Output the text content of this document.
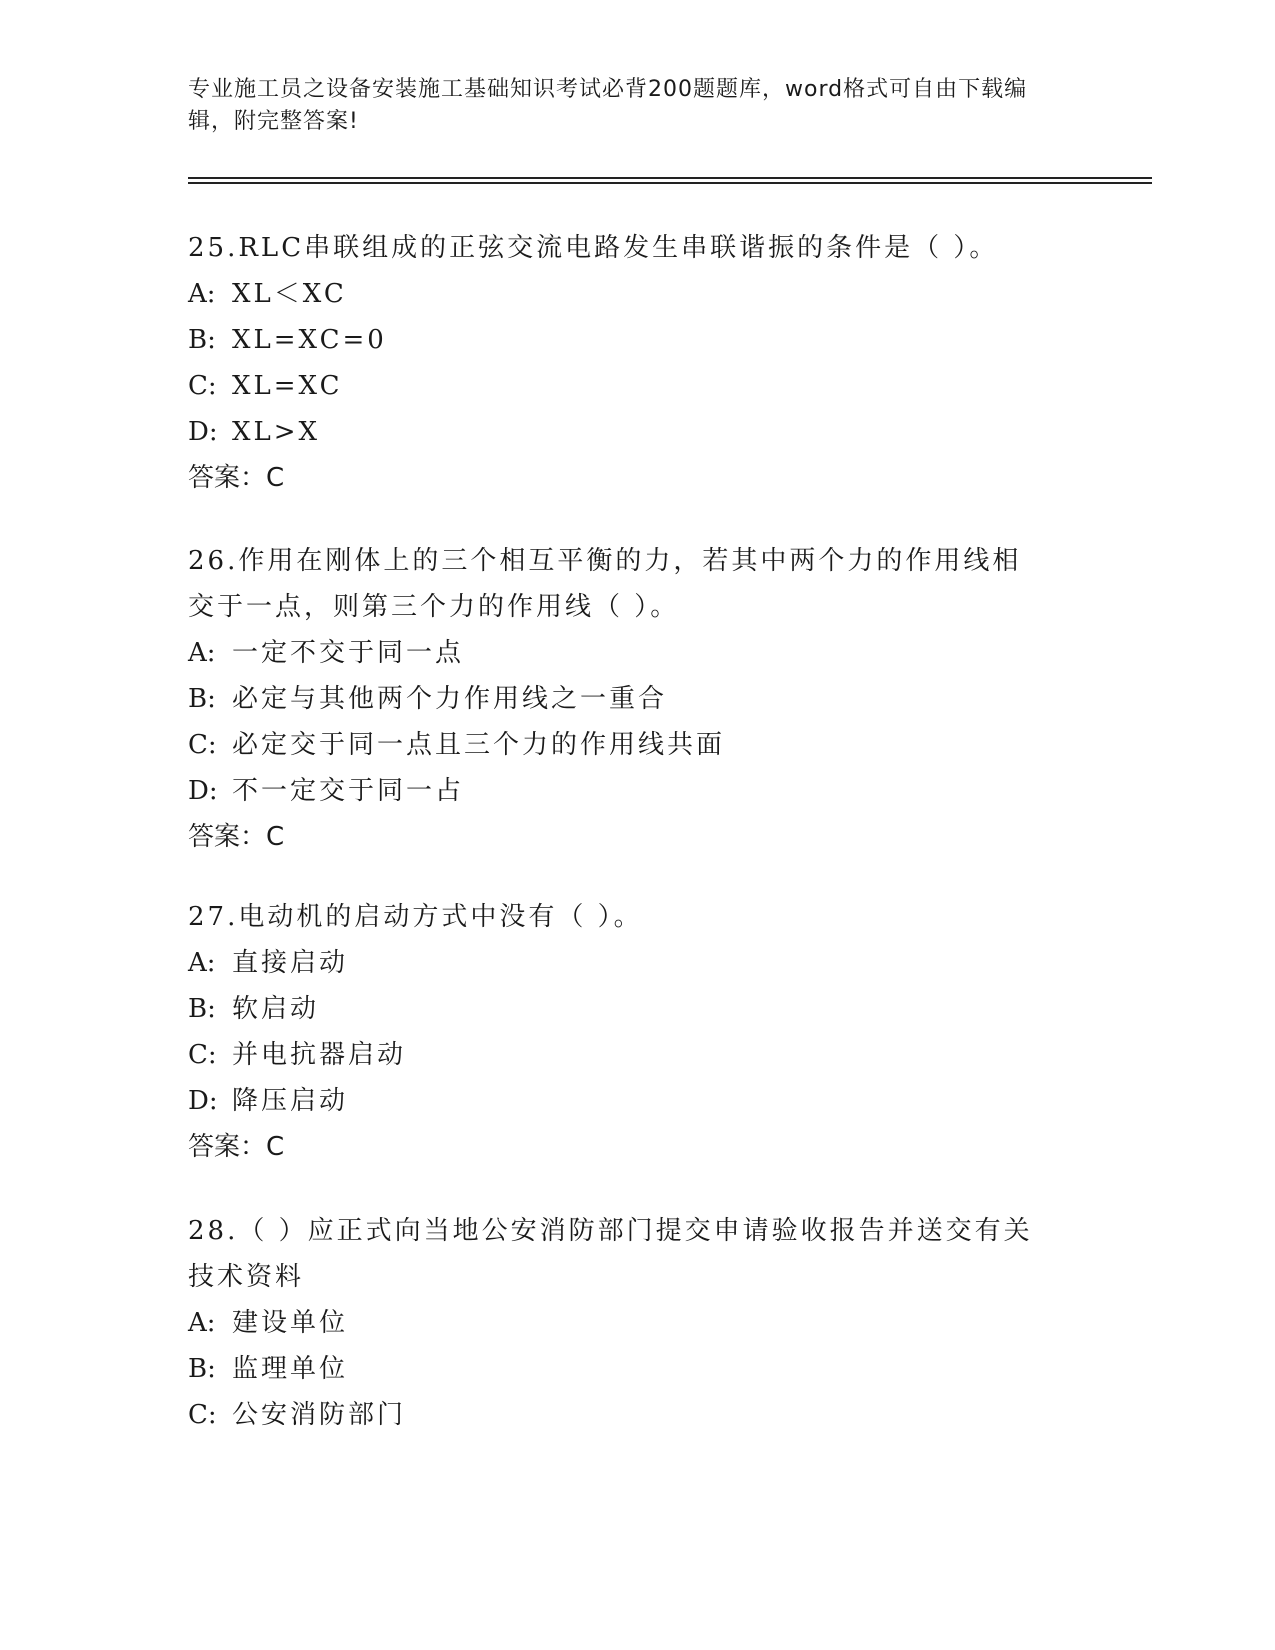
专业施工员之设备安装施工基础知识考试必背200题题库，word格式可自由下载编辑，附完整答案!

25.RLC串联组成的正弦交流电路发生串联谐振的条件是（ ）。

A: XL＜XC

B: XL=XC=0

C: XL=XC

D: XL>X

答案：C

26.作用在刚体上的三个相互平衡的力，若其中两个力的作用线相交于一点，则第三个力的作用线（ ）。

A: 一定不交于同一点

B: 必定与其他两个力作用线之一重合

C: 必定交于同一点且三个力的作用线共面

D: 不一定交于同一占

答案：C

27.电动机的启动方式中没有（ ）。

A: 直接启动

B: 软启动

C: 并电抗器启动

D: 降压启动

答案：C

28.（ ）应正式向当地公安消防部门提交申请验收报告并送交有关技术资料

A: 建设单位

B: 监理单位

C: 公安消防部门
